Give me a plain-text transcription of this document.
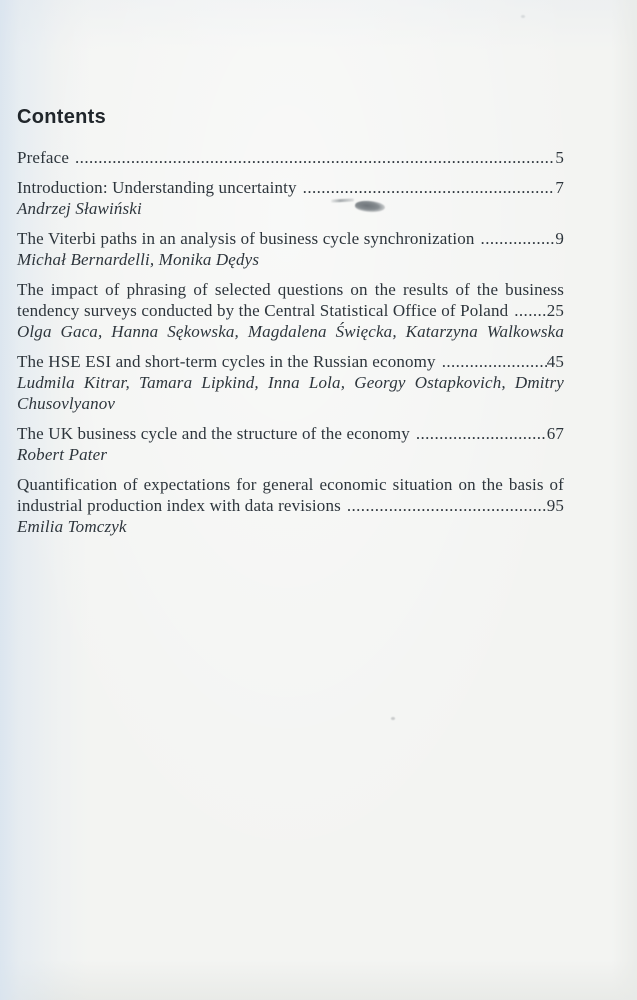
Contents
Preface .....	5
Introduction: Understanding uncertainty .....	7
Andrzej Sławiński
The Viterbi paths in an analysis of business cycle synchronization .....	9
Michał Bernardelli, Monika Dędys
The impact of phrasing of selected questions on the results of the business
tendency surveys conducted by the Central Statistical Office of Poland ..... 25
Olga Gaca, Hanna Sękowska, Magdalena Święcka, Katarzyna Walkowska
The HSE ESI and short-term cycles in the Russian economy .....	45
Ludmila Kitrar, Tamara Lipkind, Inna Lola, Georgy Ostapkovich, Dmitry
Chusovlyanov
The UK business cycle and the structure of the economy .....	67
Robert Pater
Quantification of expectations for general economic situation on the basis of
industrial production index with data revisions .....	95
Emilia Tomczyk
